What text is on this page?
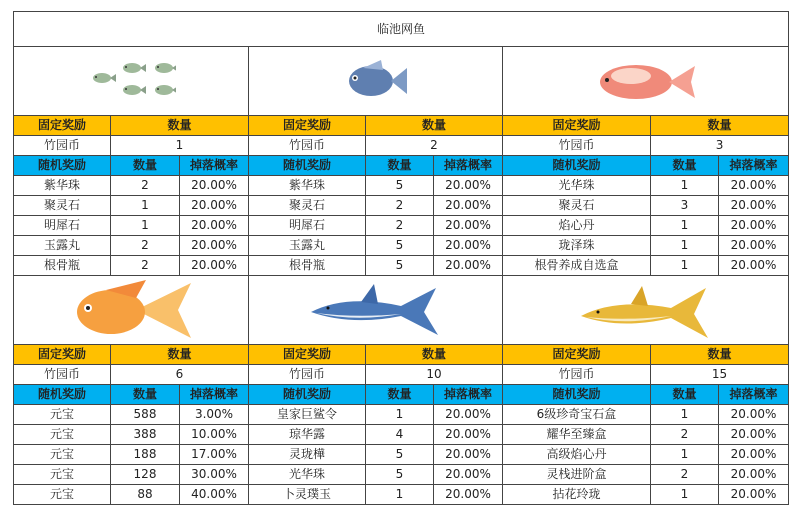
临池网鱼								

固定奖励	数量		固定奖励	数量		固定奖励	数量	
竹园币	1		竹园币	2		竹园币	3	
随机奖励	数量	掉落概率	随机奖励	数量	掉落概率	随机奖励	数量	掉落概率
紫华珠	2	20.00%	紫华珠	5	20.00%	光华珠	1	20.00%
聚灵石	1	20.00%	聚灵石	2	20.00%	聚灵石	3	20.00%
明犀石	1	20.00%	明犀石	2	20.00%	焰心丹	1	20.00%
玉露丸	2	20.00%	玉露丸	5	20.00%	珑泽珠	1	20.00%
根骨瓶	2	20.00%	根骨瓶	5	20.00%	根骨养成自选盒	1	20.00%

固定奖励	数量		固定奖励	数量		固定奖励	数量	
竹园币	6		竹园币	10		竹园币	15	
随机奖励	数量	掉落概率	随机奖励	数量	掉落概率	随机奖励	数量	掉落概率
元宝	588	3.00%	皇家巨鲨令	1	20.00%	6级珍奇宝石盒	1	20.00%
元宝	388	10.00%	琼华露	4	20.00%	耀华至臻盒	2	20.00%
元宝	188	17.00%	灵珑樺	5	20.00%	高级焰心丹	1	20.00%
元宝	128	30.00%	光华珠	5	20.00%	灵栈进阶盒	2	20.00%
元宝	88	40.00%	卜灵璞玉	1	20.00%	拈花玲珑	1	20.00%
